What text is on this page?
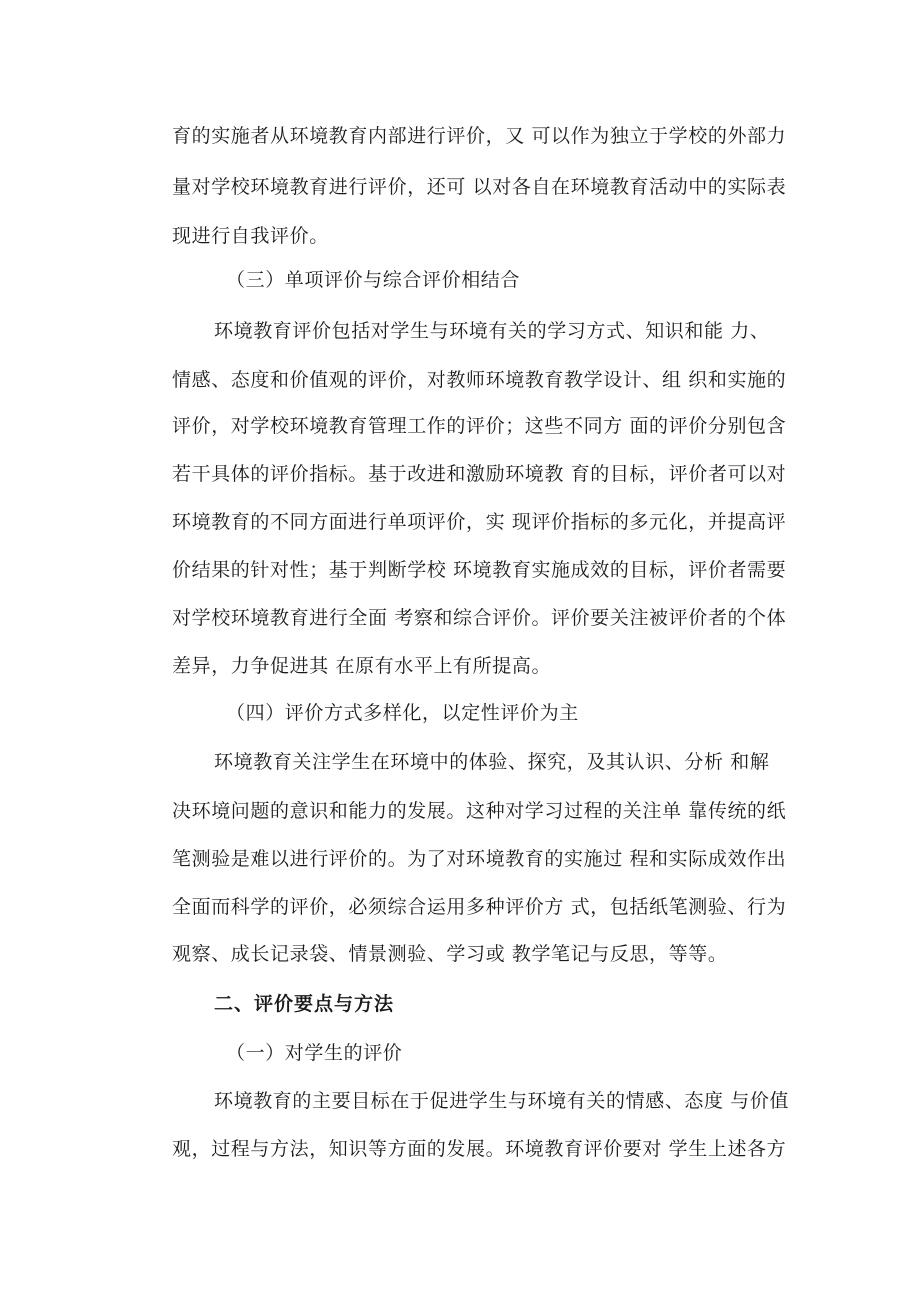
育的实施者从环境教育内部进行评价，又 可以作为独立于学校的外部力
量对学校环境教育进行评价，还可 以对各自在环境教育活动中的实际表
现进行自我评价。
（三）单项评价与综合评价相结合
环境教育评价包括对学生与环境有关的学习方式、知识和能 力、
情感、态度和价值观的评价，对教师环境教育教学设计、组 织和实施的
评价，对学校环境教育管理工作的评价；这些不同方 面的评价分别包含
若干具体的评价指标。基于改进和激励环境教 育的目标，评价者可以对
环境教育的不同方面进行单项评价，实 现评价指标的多元化，并提高评
价结果的针对性；基于判断学校 环境教育实施成效的目标，评价者需要
对学校环境教育进行全面 考察和综合评价。评价要关注被评价者的个体
差异，力争促进其 在原有水平上有所提高。
（四）评价方式多样化，以定性评价为主
环境教育关注学生在环境中的体验、探究，及其认识、分析 和解
决环境问题的意识和能力的发展。这种对学习过程的关注单 靠传统的纸
笔测验是难以进行评价的。为了对环境教育的实施过 程和实际成效作出
全面而科学的评价，必须综合运用多种评价方 式，包括纸笔测验、行为
观察、成长记录袋、情景测验、学习或 教学笔记与反思，等等。
二、评价要点与方法
（一）对学生的评价
环境教育的主要目标在于促进学生与环境有关的情感、态度 与价值
观，过程与方法，知识等方面的发展。环境教育评价要对 学生上述各方
